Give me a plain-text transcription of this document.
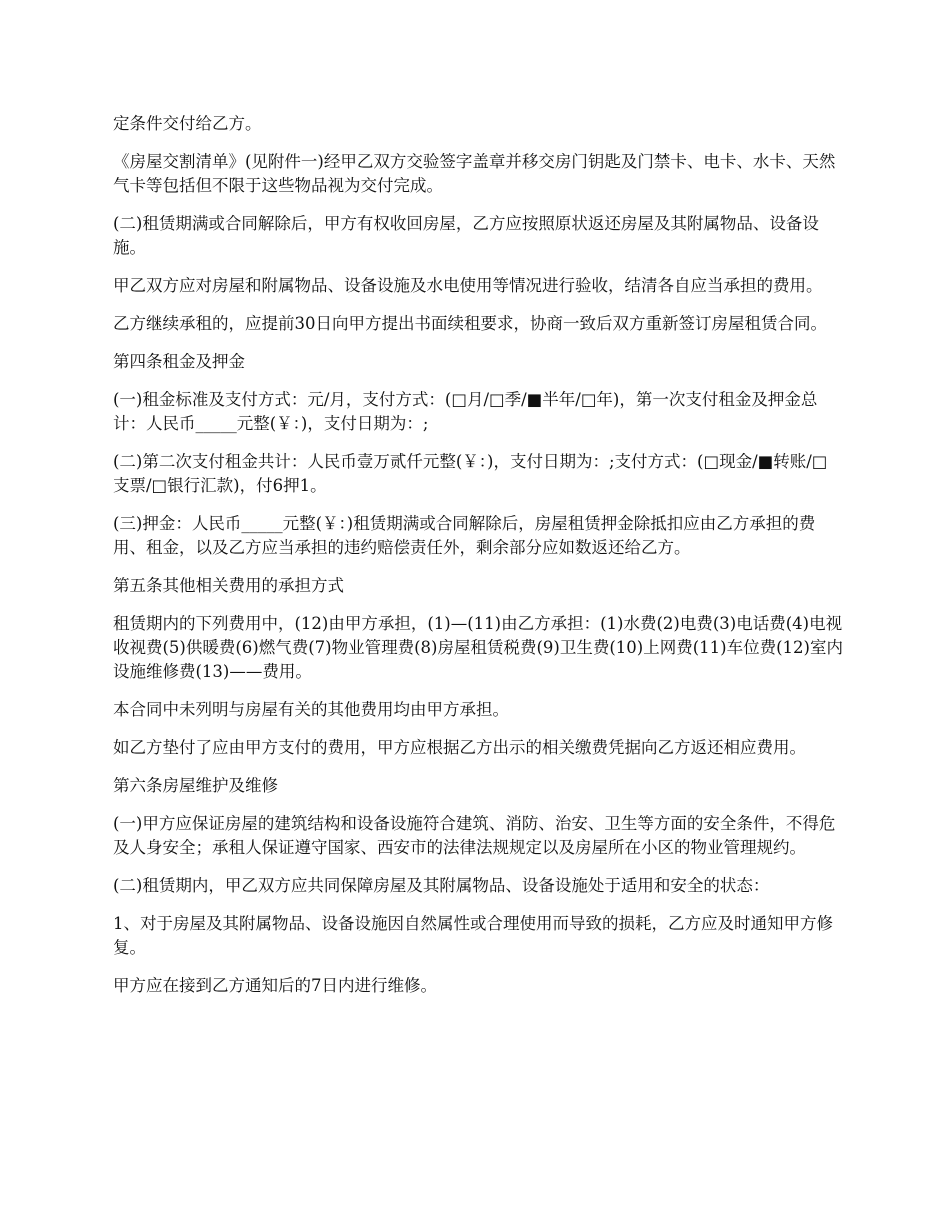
定条件交付给乙方。

《房屋交割清单》(见附件一)经甲乙双方交验签字盖章并移交房门钥匙及门禁卡、电卡、水卡、天然气卡等包括但不限于这些物品视为交付完成。

(二)租赁期满或合同解除后，甲方有权收回房屋，乙方应按照原状返还房屋及其附属物品、设备设施。

甲乙双方应对房屋和附属物品、设备设施及水电使用等情况进行验收，结清各自应当承担的费用。

乙方继续承租的，应提前30日向甲方提出书面续租要求，协商一致后双方重新签订房屋租赁合同。

第四条租金及押金

(一)租金标准及支付方式：元/月，支付方式：(□月/□季/■半年/□年)，第一次支付租金及押金总计：人民币_____元整(￥：)，支付日期为：;

(二)第二次支付租金共计：人民币壹万贰仟元整(￥：)，支付日期为：;支付方式：(□现金/■转账/□支票/□银行汇款)，付6押1。

(三)押金：人民币_____元整(￥：)租赁期满或合同解除后，房屋租赁押金除抵扣应由乙方承担的费用、租金，以及乙方应当承担的违约赔偿责任外，剩余部分应如数返还给乙方。

第五条其他相关费用的承担方式

租赁期内的下列费用中，(12)由甲方承担，(1)—(11)由乙方承担：(1)水费(2)电费(3)电话费(4)电视收视费(5)供暖费(6)燃气费(7)物业管理费(8)房屋租赁税费(9)卫生费(10)上网费(11)车位费(12)室内设施维修费(13)——费用。

本合同中未列明与房屋有关的其他费用均由甲方承担。

如乙方垫付了应由甲方支付的费用，甲方应根据乙方出示的相关缴费凭据向乙方返还相应费用。

第六条房屋维护及维修

(一)甲方应保证房屋的建筑结构和设备设施符合建筑、消防、治安、卫生等方面的安全条件，不得危及人身安全；承租人保证遵守国家、西安市的法律法规规定以及房屋所在小区的物业管理规约。

(二)租赁期内，甲乙双方应共同保障房屋及其附属物品、设备设施处于适用和安全的状态：

1、对于房屋及其附属物品、设备设施因自然属性或合理使用而导致的损耗，乙方应及时通知甲方修复。

甲方应在接到乙方通知后的7日内进行维修。
